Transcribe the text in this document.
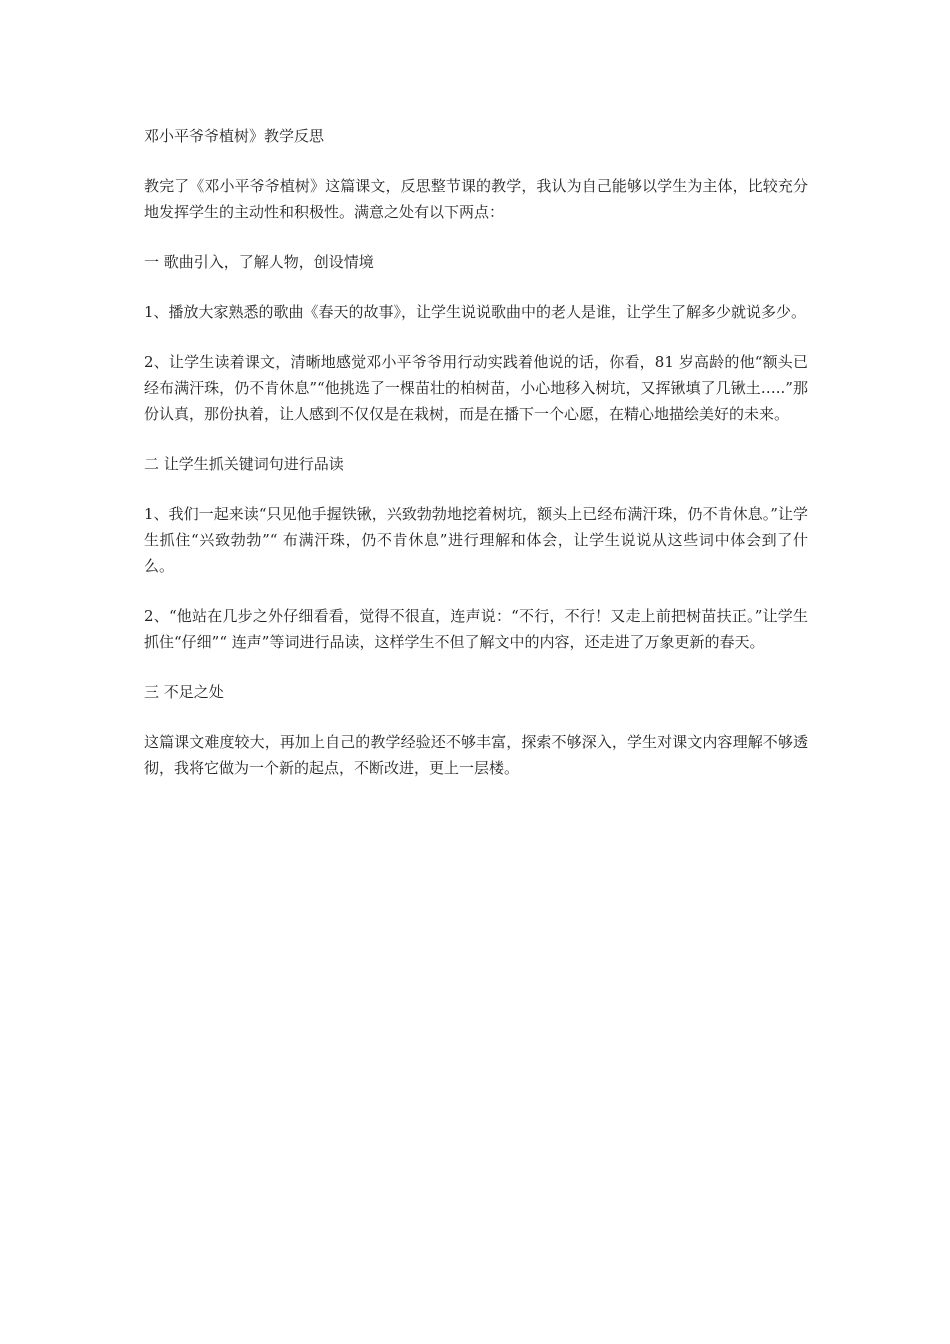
邓小平爷爷植树》教学反思

教完了《邓小平爷爷植树》这篇课文，反思整节课的教学，我认为自己能够以学生为主体，比较充分地发挥学生的主动性和积极性。满意之处有以下两点：

一 歌曲引入，了解人物，创设情境

1、播放大家熟悉的歌曲《春天的故事》，让学生说说歌曲中的老人是谁，让学生了解多少就说多少。

2、让学生读着课文，清晰地感觉邓小平爷爷用行动实践着他说的话，你看，81 岁高龄的他“额头已经布满汗珠，仍不肯休息”“他挑选了一棵苗壮的柏树苗，小心地移入树坑，又挥锹填了几锹土…..”那份认真，那份执着，让人感到不仅仅是在栽树，而是在播下一个心愿，在精心地描绘美好的未来。

二 让学生抓关键词句进行品读

1、我们一起来读“只见他手握铁锹，兴致勃勃地挖着树坑，额头上已经布满汗珠，仍不肯休息。”让学生抓住“兴致勃勃”“ 布满汗珠，仍不肯休息”进行理解和体会，让学生说说从这些词中体会到了什么。

2、“他站在几步之外仔细看看，觉得不很直，连声说：“不行，不行！又走上前把树苗扶正。”让学生抓住“仔细”“ 连声”等词进行品读，这样学生不但了解文中的内容，还走进了万象更新的春天。

三 不足之处

这篇课文难度较大，再加上自己的教学经验还不够丰富，探索不够深入，学生对课文内容理解不够透彻，我将它做为一个新的起点，不断改进，更上一层楼。
